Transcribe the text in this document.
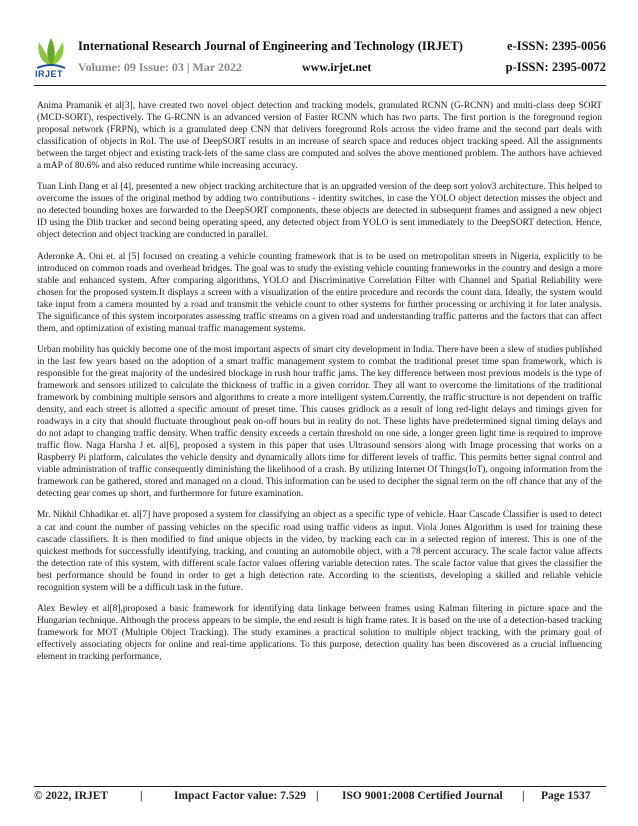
IRJET
International Research Journal of Engineering and Technology (IRJET)	e-ISSN: 2395-0056
Volume: 09 Issue: 03 | Mar 2022	www.irjet.net	p-ISSN: 2395-0072

Anima Pramanik et al[3], have created two novel object detection and tracking models, granulated RCNN (G-RCNN) and multi-class deep SORT (MCD-SORT), respectively. The G-RCNN is an advanced version of Faster RCNN which has two parts. The first portion is the foreground region proposal network (FRPN), which is a granulated deep CNN that delivers foreground RoIs across the video frame and the second part deals with classification of objects in RoI. The use of DeepSORT results in an increase of search space and reduces object tracking speed. All the assignments between the target object and existing track-lets of the same class are computed and solves the above mentioned problem. The authors have achieved a mAP of 80.6% and also reduced runtime while increasing accuracy.

Tuan Linh Dang et al [4], presented a new object tracking architecture that is an upgraded version of the deep sort yolov3 architecture. This helped to overcome the issues of the original method by adding two contributions - identity switches, in case the YOLO object detection misses the object and no detected bounding boxes are forwarded to the DeepSORT components, these objects are detected in subsequent frames and assigned a new object ID using the Dlib tracker and second being operating speed, any detected object from YOLO is sent immediately to the DeepSORT detection. Hence, object detection and object tracking are conducted in parallel.

Aderonke A. Oni et. al [5] focused on creating a vehicle counting framework that is to be used on metropolitan streets in Nigeria, explicitly to be introduced on common roads and overhead bridges. The goal was to study the existing vehicle counting frameworks in the country and design a more stable and enhanced system. After comparing algorithms, YOLO and Discriminative Correlation Filter with Channel and Spatial Reliability were chosen for the proposed system.It displays a screen with a visualization of the entire procedure and records the count data. Ideally, the system would take input from a camera mounted by a road and transmit the vehicle count to other systems for further processing or archiving it for later analysis. The significance of this system incorporates assessing traffic streams on a given road and understanding traffic patterns and the factors that can affect them, and optimization of existing manual traffic management systems.

Urban mobility has quickly become one of the most important aspects of smart city development in India. There have been a slew of studies published in the last few years based on the adoption of a smart traffic management system to combat the traditional preset time span framework, which is responsible for the great majority of the undesired blockage in rush hour traffic jams. The key difference between most previous models is the type of framework and sensors utilized to calculate the thickness of traffic in a given corridor. They all want to overcome the limitations of the traditional framework by combining multiple sensors and algorithms to create a more intelligent system.Currently, the traffic structure is not dependent on traffic density, and each street is allotted a specific amount of preset time. This causes gridlock as a result of long red-light delays and timings given for roadways in a city that should fluctuate throughout peak on-off hours but in reality do not. These lights have predetermined signal timing delays and do not adapt to changing traffic density. When traffic density exceeds a certain threshold on one side, a longer green light time is required to improve traffic flow. Naga Harsha J et. al[6], proposed a system in this paper that uses Ultrasound sensors along with Image processing that works on a Raspberry Pi platform, calculates the vehicle density and dynamically allots time for different levels of traffic. This permits better signal control and viable administration of traffic consequently diminishing the likelihood of a crash. By utilizing Internet Of Things(IoT), ongoing information from the framework can be gathered, stored and managed on a cloud. This information can be used to decipher the signal term on the off chance that any of the detecting gear comes up short, and furthermore for future examination.

Mr. Nikhil Chhadikar et. al[7] have proposed a system for classifying an object as a specific type of vehicle. Haar Cascade Classifier is used to detect a car and count the number of passing vehicles on the specific road using traffic videos as input. Viola Jones Algorithm is used for training these cascade classifiers. It is then modified to find unique objects in the video, by tracking each car in a selected region of interest. This is one of the quickest methods for successfully identifying, tracking, and counting an automobile object, with a 78 percent accuracy. The scale factor value affects the detection rate of this system, with different scale factor values offering variable detection rates. The scale factor value that gives the classifier the best performance should be found in order to get a high detection rate. According to the scientists, developing a skilled and reliable vehicle recognition system will be a difficult task in the future.

Alex Bewley et al[8],proposed a basic framework for identifying data linkage between frames using Kalman filtering in picture space and the Hungarian technique. Although the process appears to be simple, the end result is high frame rates. It is based on the use of a detection-based tracking framework for MOT (Multiple Object Tracking). The study examines a practical solution to multiple object tracking, with the primary goal of effectively associating objects for online and real-time applications. To this purpose, detection quality has been discovered as a crucial influencing element in tracking performance,

© 2022, IRJET	|	Impact Factor value: 7.529 | ISO 9001:2008 Certified Journal | Page 1537
